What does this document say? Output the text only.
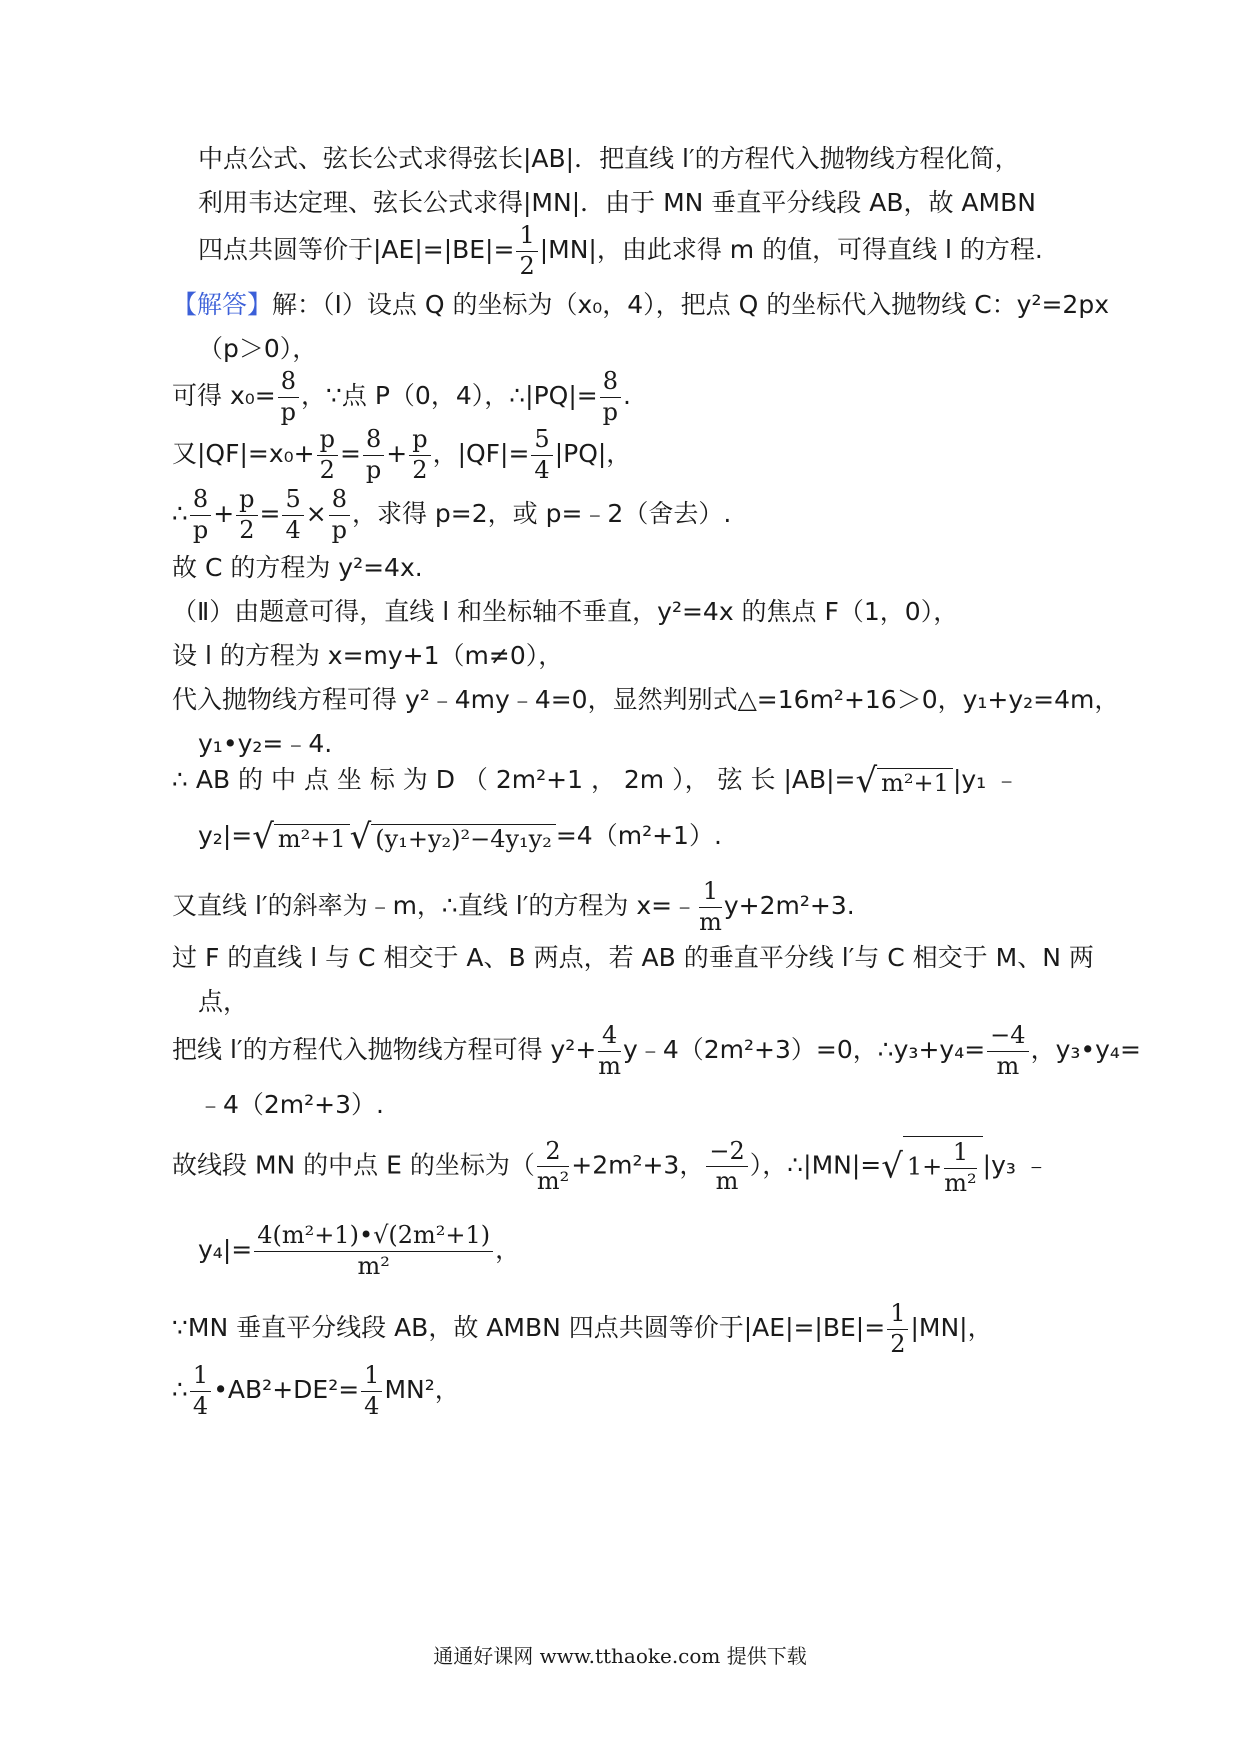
中点公式、弦长公式求得弦长|AB|．把直线 l′的方程代入抛物线方程化简，
利用韦达定理、弦长公式求得|MN|．由于 MN 垂直平分线段 AB，故 AMBN
四点共圆等价于$|AE|=|BE|= \frac{1}{2} |MN|$，由此求得 m 的值，可得直线 l 的方程.
【解答】解：（Ⅰ）设点 Q 的坐标为（x₀，4），把点 Q 的坐标代入抛物线 C：y²=2px
（p＞0），
可得 $x_0= \frac{8}{p}$ ，∵点 P（0，4），∴|PQ|= $\frac{8}{p}$ .
又$|QF|=x_0+ \frac{p}{2} = \frac{8}{p} + \frac{p}{2}$ ，$|QF|= \frac{5}{4} |PQ|$，
∴ $\frac{8}{p} + \frac{p}{2} = \frac{5}{4} \times \frac{8}{p}$ ，求得 p=2，或 p=﹣2（舍去）.
故 C 的方程为 y²=4x.
（Ⅱ）由题意可得，直线 l 和坐标轴不垂直，y²=4x 的焦点 F（1，0），
设 l 的方程为 x=my+1（m≠0），
代入抛物线方程可得 y²﹣4my﹣4=0，显然判别式△=16m²+16＞0，y₁+y₂=4m，
y₁•y₂=﹣4.
∴ AB 的 中 点 坐 标 为 D （ 2m²+1 ， 2m ）， 弦 长 |AB|=√ m²+1 |y₁ ﹣
y₂|=√ m²+1 √ (y₁+y₂)²−4y₁y₂ =4（m²+1）.
又直线 l′的斜率为﹣m，∴直线 l′的方程为 x=﹣ $\frac{1}{m} y+2m^2+3$.
过 F 的直线 l 与 C 相交于 A、B 两点，若 AB 的垂直平分线 l′与 C 相交于 M、N 两
点，
把线 l′的方程代入抛物线方程可得 $y^2+ \frac{4}{m}$ y﹣4（2m²+3）=0，∴y₃+y₄= $\frac{-4}{m}$ ，y₃•y₄=
﹣4（2m²+3）.
故线段 MN 的中点 E 的坐标为（ $\frac{2}{\text{m²}} +2m^2+3$， $\frac{-2}{m}$ ），∴|MN|=√ $1+ \frac{1}{\text{m²}} |y_3$ ﹣
$y_4|= \frac{\text{4(m²+1)•√(2m²+1)}}{\text{m²}}$ ，
∵MN 垂直平分线段 AB，故 AMBN 四点共圆等价于$|AE|=|BE|= \frac{1}{2} |MN|$，
∴ $\frac{1}{4}$ •AB²+DE²= $\frac{1}{4} MN^2$，
通通好课网 www.tthaoke.com 提供下载
